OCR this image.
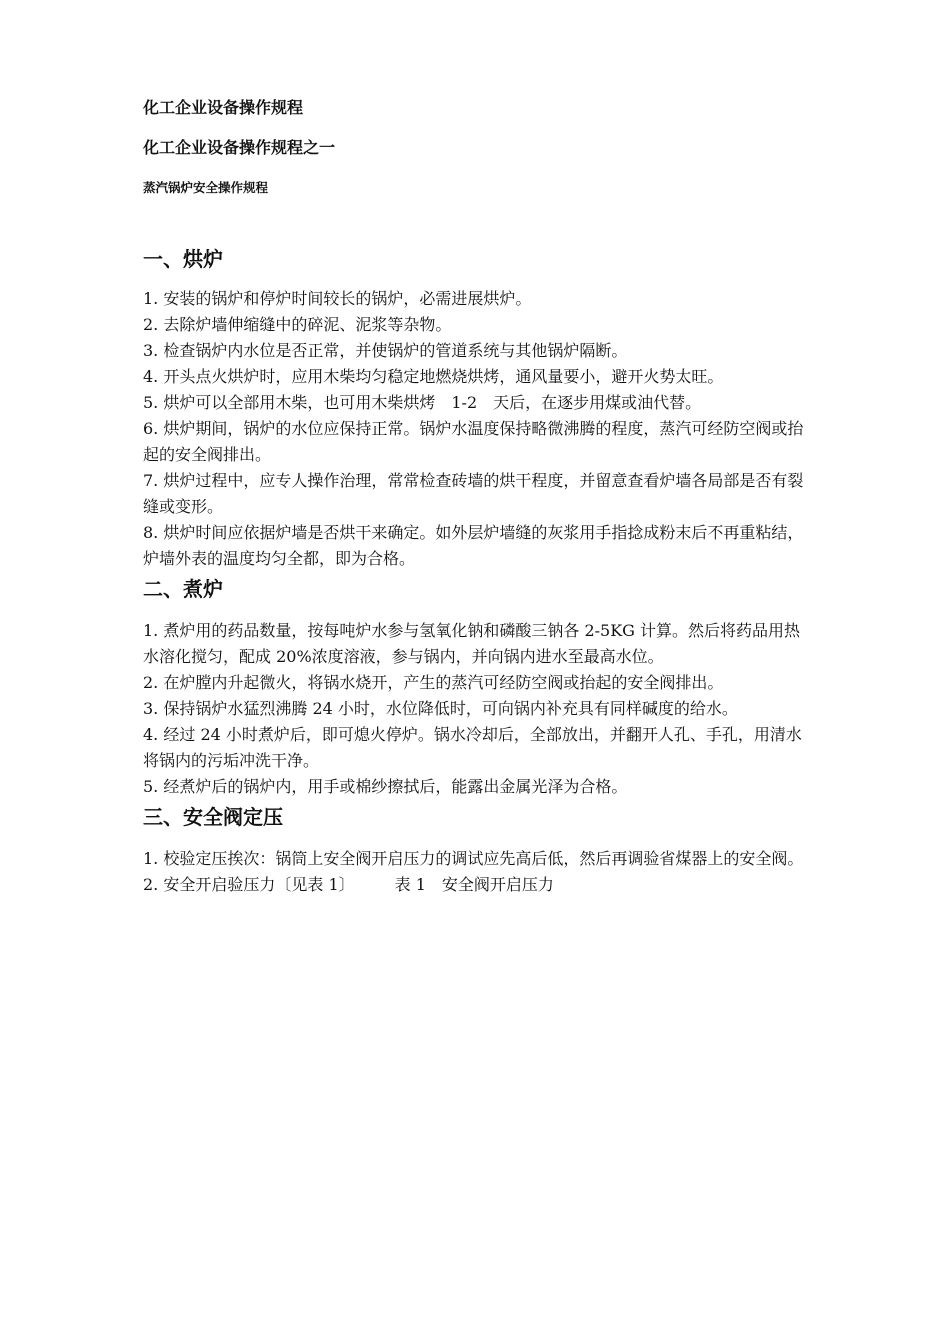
化工企业设备操作规程
化工企业设备操作规程之一
蒸汽锅炉安全操作规程
一、烘炉

1. 安装的锅炉和停炉时间较长的锅炉，必需进展烘炉。

2. 去除炉墙伸缩缝中的碎泥、泥浆等杂物。

3. 检查锅炉内水位是否正常，并使锅炉的管道系统与其他锅炉隔断。

4. 开头点火烘炉时，应用木柴均匀稳定地燃烧烘烤，通风量要小，避开火势太旺。

5. 烘炉可以全部用木柴，也可用木柴烘烤　1-2　天后，在逐步用煤或油代替。

6. 烘炉期间，锅炉的水位应保持正常。锅炉水温度保持略微沸腾的程度，蒸汽可经防空阀或抬起的安全阀排出。

7. 烘炉过程中，应专人操作治理，常常检查砖墙的烘干程度，并留意查看炉墙各局部是否有裂缝或变形。

8. 烘炉时间应依据炉墙是否烘干来确定。如外层炉墙缝的灰浆用手指捻成粉末后不再重粘结，炉墙外表的温度均匀全都，即为合格。

二、煮炉

1. 煮炉用的药品数量，按每吨炉水参与氢氧化钠和磷酸三钠各 2-5KG 计算。然后将药品用热水溶化搅匀，配成 20%浓度溶液，参与锅内，并向锅内进水至最高水位。

2. 在炉膛内升起微火，将锅水烧开，产生的蒸汽可经防空阀或抬起的安全阀排出。

3. 保持锅炉水猛烈沸腾 24 小时，水位降低时，可向锅内补充具有同样碱度的给水。

4. 经过 24 小时煮炉后，即可熄火停炉。锅水冷却后，全部放出，并翻开人孔、手孔，用清水将锅内的污垢冲洗干净。

5. 经煮炉后的锅炉内，用手或棉纱擦拭后，能露出金属光泽为合格。

三、安全阀定压

1. 校验定压挨次：锅筒上安全阀开启压力的调试应先高后低，然后再调验省煤器上的安全阀。

2. 安全开启验压力〔见表 1〕　　　表 1　安全阀开启压力
